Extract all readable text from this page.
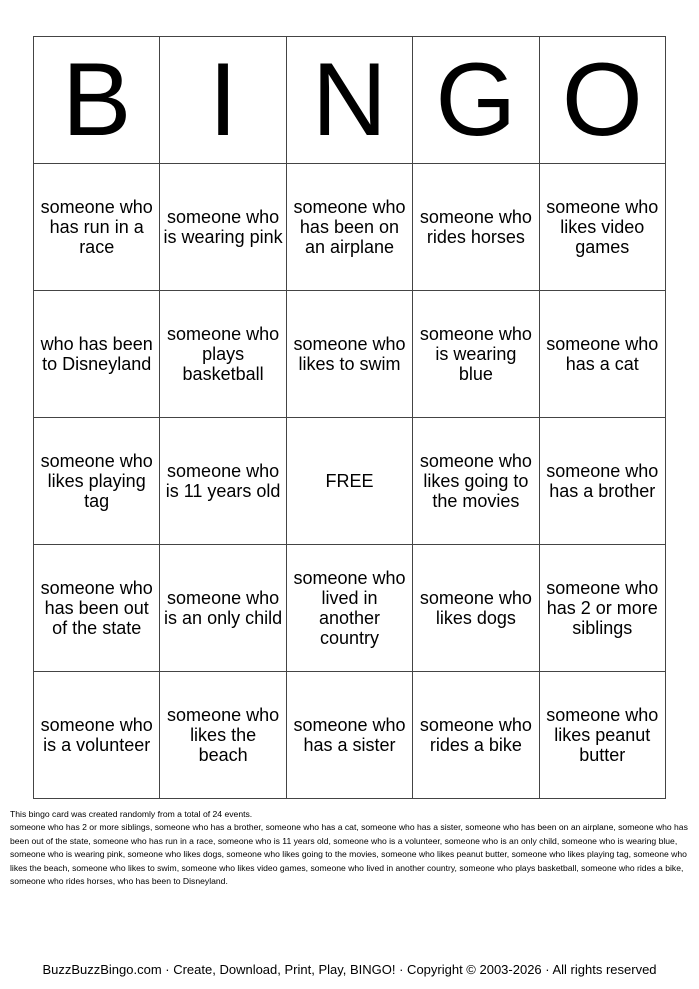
B	I	N	G	O
someone who has run in a race	someone who is wearing pink	someone who has been on an airplane	someone who rides horses	someone who likes video games
who has been to Disneyland	someone who plays basketball	someone who likes to swim	someone who is wearing blue	someone who has a cat
someone who likes playing tag	someone who is 11 years old	FREE	someone who likes going to the movies	someone who has a brother
someone who has been out of the state	someone who is an only child	someone who lived in another country	someone who likes dogs	someone who has 2 or more siblings
someone who is a volunteer	someone who likes the beach	someone who has a sister	someone who rides a bike	someone who likes peanut butter

This bingo card was created randomly from a total of 24 events.

someone who has 2 or more siblings, someone who has a brother, someone who has a cat, someone who has a sister, someone who has been on an airplane, someone who has been out of the state, someone who has run in a race, someone who is 11 years old, someone who is a volunteer, someone who is an only child, someone who is wearing blue, someone who is wearing pink, someone who likes dogs, someone who likes going to the movies, someone who likes peanut butter, someone who likes playing tag, someone who likes the beach, someone who likes to swim, someone who likes video games, someone who lived in another country, someone who plays basketball, someone who rides a bike, someone who rides horses, who has been to Disneyland.

BuzzBuzzBingo.com · Create, Download, Print, Play, BINGO! · Copyright © 2003-2026 · All rights reserved
